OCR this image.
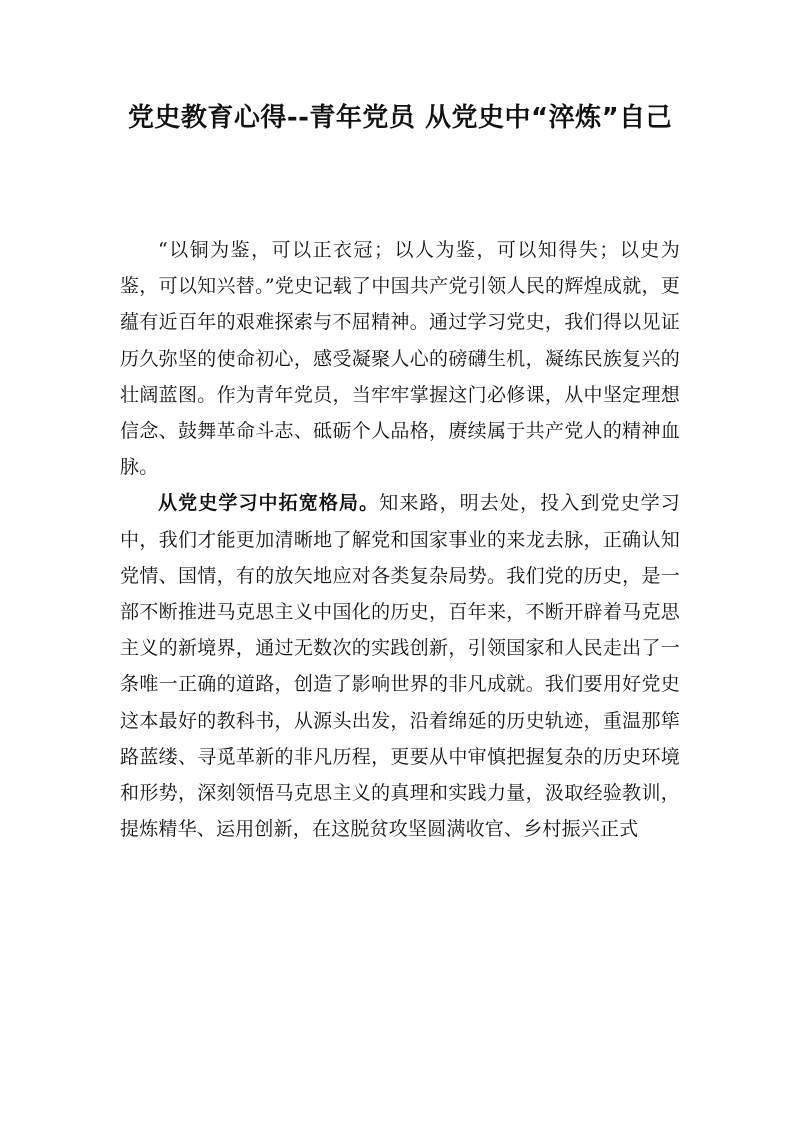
党史教育心得--青年党员 从党史中“淬炼”自己

“以铜为鉴，可以正衣冠；以人为鉴，可以知得失；以史为鉴，可以知兴替。”党史记载了中国共产党引领人民的辉煌成就，更蕴有近百年的艰难探索与不屈精神。通过学习党史，我们得以见证历久弥坚的使命初心，感受凝聚人心的磅礴生机，凝练民族复兴的壮阔蓝图。作为青年党员，当牢牢掌握这门必修课，从中坚定理想信念、鼓舞革命斗志、砥砺个人品格，赓续属于共产党人的精神血脉。

从党史学习中拓宽格局。知来路，明去处，投入到党史学习中，我们才能更加清晰地了解党和国家事业的来龙去脉，正确认知党情、国情，有的放矢地应对各类复杂局势。我们党的历史，是一部不断推进马克思主义中国化的历史，百年来，不断开辟着马克思主义的新境界，通过无数次的实践创新，引领国家和人民走出了一条唯一正确的道路，创造了影响世界的非凡成就。我们要用好党史这本最好的教科书，从源头出发，沿着绵延的历史轨迹，重温那筚路蓝缕、寻觅革新的非凡历程，更要从中审慎把握复杂的历史环境和形势，深刻领悟马克思主义的真理和实践力量，汲取经验教训，提炼精华、运用创新，在这脱贫攻坚圆满收官、乡村振兴正式
